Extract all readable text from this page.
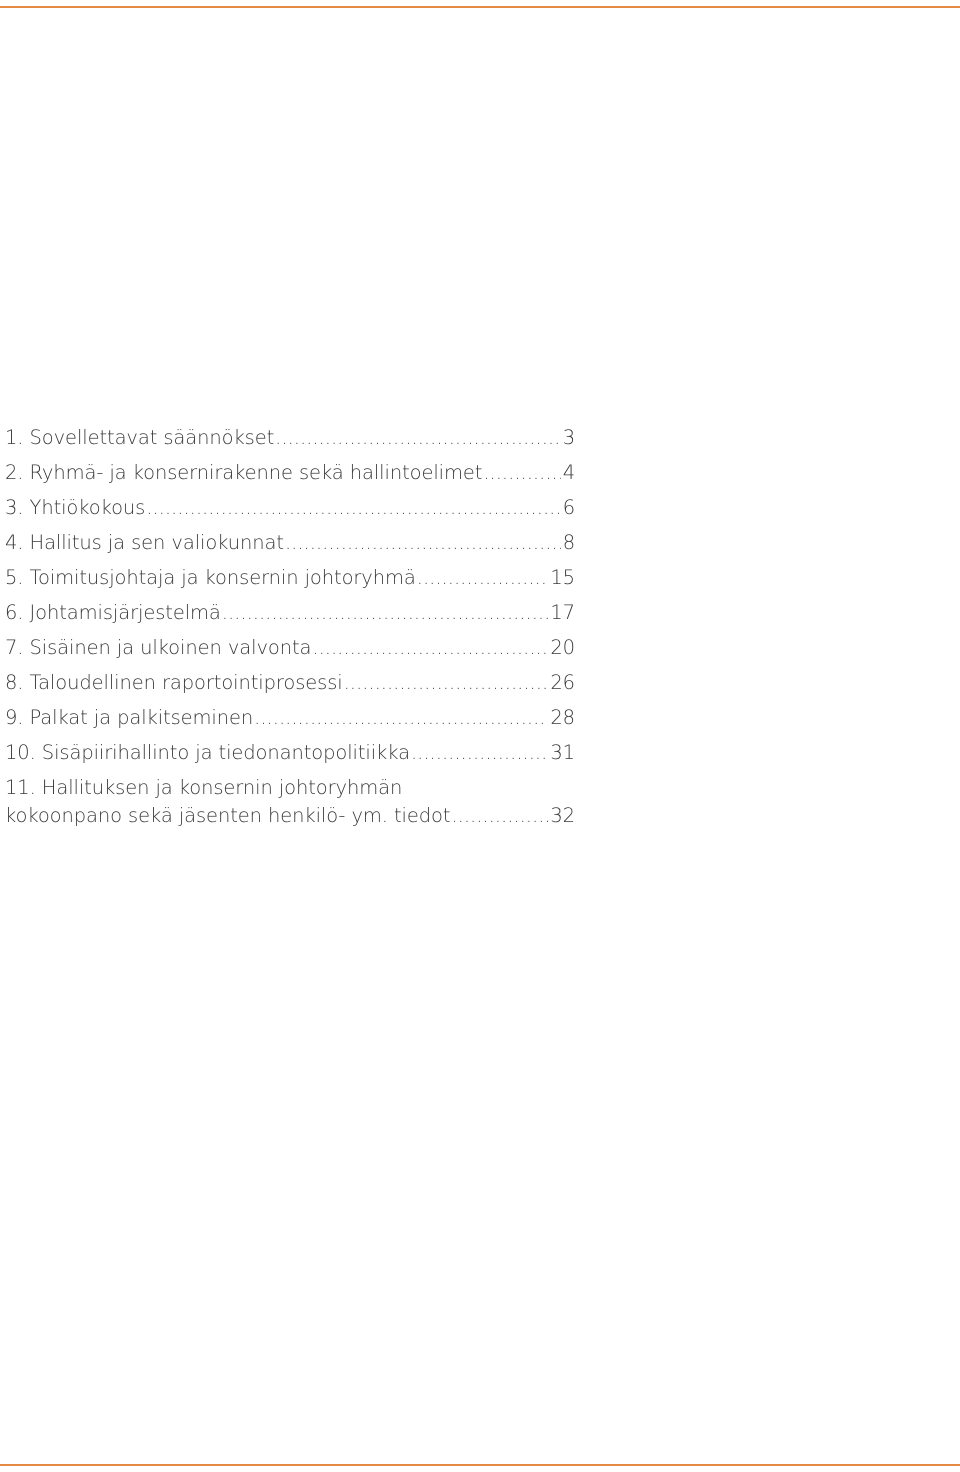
1. Sovellettavat säännökset .....	3
2. Ryhmä- ja konsernirakenne sekä hallintoelimet .....	4
3. Yhtiökokous .....	6
4. Hallitus ja sen valiokunnat .....	8
5. Toimitusjohtaja ja konsernin johtoryhmä .....	15
6. Johtamisjärjestelmä .....	17
7. Sisäinen ja ulkoinen valvonta .....	20
8. Taloudellinen raportointiprosessi .....	26
9. Palkat ja palkitseminen .....	28
10. Sisäpiirihallinto ja tiedonantopolitiikka .....	31
11. Hallituksen ja konsernin johtoryhmän
kokoonpano sekä jäsenten henkilö- ym. tiedot .....	32
